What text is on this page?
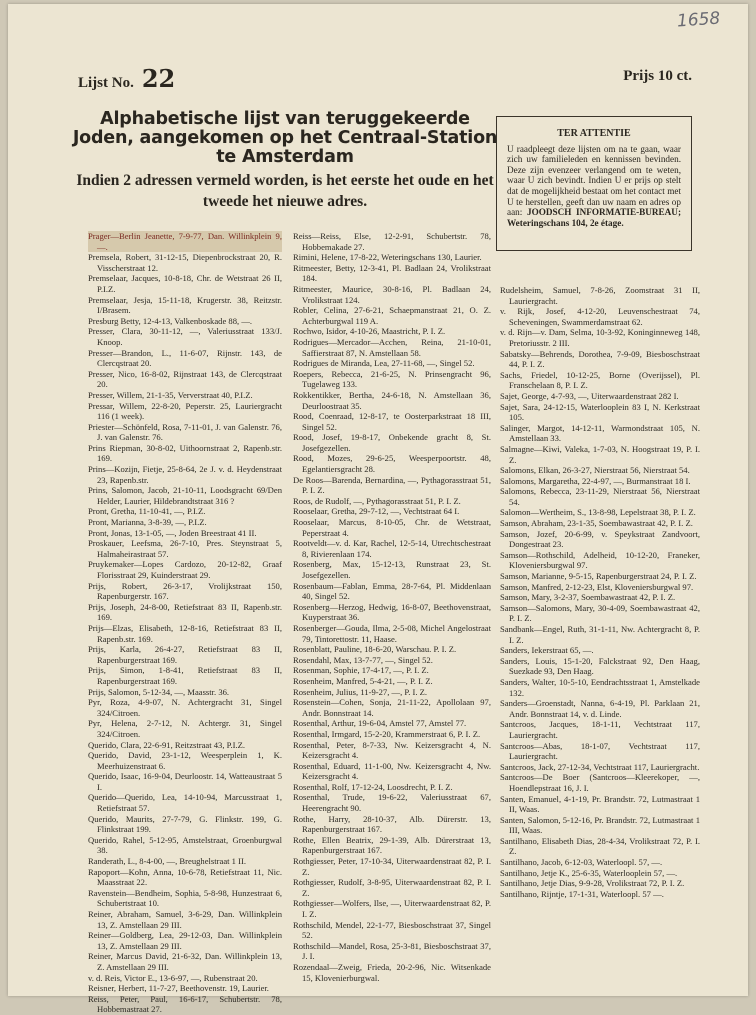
1658
Lijst No. 22	Prijs 10 ct.
Alphabetische lijst van teruggekeerde Joden, aangekomen op het Centraal-Station te Amsterdam
Indien 2 adressen vermeld worden, is het eerste het oude en het tweede het nieuwe adres.
TER ATTENTIE
U raadpleegt deze lijsten om na te gaan, waar zich uw familieleden en kennissen bevinden. Deze zijn evenzeer verlangend om te weten, waar U zich bevindt. Indien U er prijs op stelt dat de mogelijkheid bestaat om het contact met U te herstellen, geeft dan uw naam en adres op aan: JOODSCH INFORMATIE-BUREAU; Weteringschans 104, 2e étage.
Prager—Berlin Jeanette, 7-9-77, Dan. Willinkplein 9, —.
Premsela, Robert, 31-12-15, Diepenbrockstraat 20, R. Visscherstraat 12.
Premselaar, Jacques, 10-8-18, Chr. de Wetstraat 26 II, P.I.Z.
Premselaar, Jesja, 15-11-18, Krugerstr. 38, Reitzstr. I/Brasem.
Presburg Betty, 12-4-13, Valkenboskade 88, —.
Presser, Clara, 30-11-12, —, Valeriusstraat 133/J. Knoop.
Presser—Brandon, L., 11-6-07, Rijnstr. 143, de Clercqstraat 20.
Presser, Nico, 16-8-02, Rijnstraat 143, de Clercqstraat 20.
Presser, Willem, 21-1-35, Ververstraat 40, P.I.Z.
Pressar, Willem, 22-8-20, Peperstr. 25, Lauriergracht 116 (1 week).
Priester—Schönfeld, Rosa, 7-11-01, J. van Galenstr. 76, J. van Galenstr. 76.
Prins Riepman, 30-8-02, Uithoornstraat 2, Rapenb.str. 169.
Prins—Kozijn, Fietje, 25-8-64, 2e J. v. d. Heydenstraat 23, Rapenb.str.
Prins, Salomon, Jacob, 21-10-11, Loodsgracht 69/Den Helder, Laurier, Hildebrandtstraat 316 ?
Pront, Gretha, 11-10-41, —, P.I.Z.
Pront, Marianna, 3-8-39, —, P.I.Z.
Pront, Jonas, 13-1-05, —, Joden Breestraat 41 II.
Proskauer, Leefsma, 26-7-10, Pres. Steynstraat 5, Halmaheirastraat 57.
Pruykemaker—Lopes Cardozo, 20-12-82, Graaf Florisstraat 29, Kuinderstraat 29.
Prijs, Robert, 26-3-17, Vrolijkstraat 150, Rapenburgerstr. 167.
Prijs, Joseph, 24-8-00, Retiefstraat 83 II, Rapenb.str. 169.
Prijs—Elzas, Elisabeth, 12-8-16, Retiefstraat 83 II, Rapenb.str. 169.
Prijs, Karla, 26-4-27, Retiefstraat 83 II, Rapenburgerstraat 169.
Prijs, Simon, 1-8-41, Retiefstraat 83 II, Rapenburgerstraat 169.
Prijs, Salomon, 5-12-34, —, Maasstr. 36.
Pyr, Roza, 4-9-07, N. Achtergracht 31, Singel 324/Citroen.
Pyr, Helena, 2-7-12, N. Achtergr. 31, Singel 324/Citroen.
Querido, Clara, 22-6-91, Reitzstraat 43, P.I.Z.
Querido, David, 23-1-12, Weesperplein 1, K. Meerhuizenstraat 6.
Querido, Isaac, 16-9-04, Deurloostr. 14, Watteaustraat 5 I.
Querido—Querido, Lea, 14-10-94, Marcusstraat 1, Retiefstraat 57.
Querido, Maurits, 27-7-79, G. Flinkstr. 199, G. Flinkstraat 199.
Querido, Rahel, 5-12-95, Amstelstraat, Groenburgwal 38.
Randerath, L., 8-4-00, —, Breughelstraat 1 II.
Rapoport—Kohn, Anna, 10-6-78, Retiefstraat 11, Nic. Maasstraat 22.
Ravenstein—Bendheim, Sophia, 5-8-98, Hunzestraat 6, Schubertstraat 10.
Reiner, Abraham, Samuel, 3-6-29, Dan. Willinkplein 13, Z. Amstellaan 29 III.
Reiner—Goldberg, Lea, 29-12-03, Dan. Willinkplein 13, Z. Amstellaan 29 III.
Reiner, Marcus David, 21-6-32, Dan. Willinkplein 13, Z. Amstellaan 29 III.
v. d. Reis, Victor E., 13-6-97, —, Rubenstraat 20.
Reisner, Herbert, 11-7-27, Beethovenstr. 19, Laurier.
Reiss, Peter, Paul, 16-6-17, Schubertstr. 78, Hobbemastraat 27.
Reiss—Reiss, Else, 12-2-91, Schubertstr. 78, Hobbemakade 27.
Rimini, Helene, 17-8-22, Weteringschans 130, Laurier.
Ritmeester, Betty, 12-3-41, Pl. Badlaan 24, Vrolikstraat 184.
Ritmeester, Maurice, 30-8-16, Pl. Badlaan 24, Vrolikstraat 124.
Robler, Celina, 27-6-21, Schaepmanstraat 21, O. Z. Achterburgwal 119 A.
Rochwo, Isidor, 4-10-26, Maastricht, P. I. Z.
Rodrigues—Mercador—Acchen, Reina, 21-10-01, Saffierstraat 87, N. Amstellaan 58.
Rodrigues de Miranda, Lea, 27-11-68, —, Singel 52.
Roepers, Rebecca, 21-6-25, N. Prinsengracht 96, Tugelaweg 133.
Rokkentikker, Bertha, 24-6-18, N. Amstellaan 36, Deurloostraat 35.
Rood, Coenraad, 12-8-17, te Oosterparkstraat 18 III, Singel 52.
Rood, Josef, 19-8-17, Onbekende gracht 8, St. Josefgezellen.
Rood, Mozes, 29-6-25, Weesperpoortstr. 48, Egelantiersgracht 28.
De Roos—Barenda, Bernardina, —, Pythagorasstraat 51, P. I. Z.
Roos, de Rudolf, —, Pythagorasstraat 51, P. I. Z.
Rooselaar, Gretha, 29-7-12, —, Vechtstraat 64 I.
Rooselaar, Marcus, 8-10-05, Chr. de Wetstraat, Peperstraat 4.
Rootveldt—v. d. Kar, Rachel, 12-5-14, Utrechtschestraat 8, Rivierenlaan 174.
Rosenberg, Max, 15-12-13, Runstraat 23, St. Josefgezellen.
Rosenbaum—Fablan, Emma, 28-7-64, Pl. Middenlaan 40, Singel 52.
Rosenberg—Herzog, Hedwig, 16-8-07, Beethovenstraat, Kuyperstraat 36.
Rosenberger—Gouda, Ilma, 2-5-08, Michel Angelostraat 79, Tintorettostr. 11, Haase.
Rosenblatt, Pauline, 18-6-20, Warschau. P. I. Z.
Rosendahl, Max, 13-7-77, —, Singel 52.
Rosenman, Sophie, 17-4-17, —, P. I. Z.
Rosenheim, Manfred, 5-4-21, —, P. I. Z.
Rosenheim, Julius, 11-9-27, —, P. I. Z.
Rosenstein—Cohen, Sonja, 21-11-22, Apollolaan 97, Andr. Bonnstraat 14.
Rosenthal, Arthur, 19-6-04, Amstel 77, Amstel 77.
Rosenthal, Irmgard, 15-2-20, Krammerstraat 6, P. I. Z.
Rosenthal, Peter, 8-7-33, Nw. Keizersgracht 4, N. Keizersgracht 4.
Rosenthal, Eduard, 11-1-00, Nw. Keizersgracht 4, Nw. Keizersgracht 4.
Rosenthal, Rolf, 17-12-24, Loosdrecht, P. I. Z.
Rosenthal, Trude, 19-6-22, Valeriusstraat 67, Heerengracht 90.
Rothe, Harry, 28-10-37, Alb. Dürerstr. 13, Rapenburgerstraat 167.
Rothe, Ellen Beatrix, 29-1-39, Alb. Dürerstraat 13, Rapenburgerstraat 167.
Rothgiesser, Peter, 17-10-34, Uiterwaardenstraat 82, P. I. Z.
Rothgiesser, Rudolf, 3-8-95, Uiterwaardenstraat 82, P. I. Z.
Rothgiesser—Wolfers, Ilse, —, Uiterwaardenstraat 82, P. I. Z.
Rothschild, Mendel, 22-1-77, Biesboschstraat 37, Singel 52.
Rothschild—Mandel, Rosa, 25-3-81, Biesboschstraat 37, J. I.
Rozendaal—Zweig, Frieda, 20-2-96, Nic. Witsenkade 15, Klovenierburgwal.
Rudelsheim, Samuel, 7-8-26, Zoomstraat 31 II, Lauriergracht.
v. Rijk, Josef, 4-12-20, Leuvenschestraat 74, Scheveningen, Swammerdamstraat 62.
v. d. Rijn—v. Dam, Selma, 10-3-92, Koninginneweg 148, Pretoriusstr. 2 III.
Sabatsky—Behrends, Dorothea, 7-9-09, Biesboschstraat 44, P. I. Z.
Sachs, Friedel, 10-12-25, Borne (Overijssel), Pl. Franschelaan 8, P. I. Z.
Sajet, George, 4-7-93, —, Uiterwaardenstraat 282 I.
Sajet, Sara, 24-12-15, Waterlooplein 83 I, N. Kerkstraat 105.
Salinger, Margot, 14-12-11, Warmondstraat 105, N. Amstellaan 33.
Salmagne—Kiwi, Valeka, 1-7-03, N. Hoogstraat 19, P. I. Z.
Salomons, Elkan, 26-3-27, Nierstraat 56, Nierstraat 54.
Salomons, Margaretha, 22-4-97, —, Burmanstraat 18 I.
Salomons, Rebecca, 23-11-29, Nierstraat 56, Nierstraat 54.
Salomon—Wertheim, S., 13-8-98, Lepelstraat 38, P. I. Z.
Samson, Abraham, 23-1-35, Soembawastraat 42, P. I. Z.
Samson, Jozef, 20-6-99, v. Speykstraat Zandvoort, Dongestraat 23.
Samson—Rothschild, Adelheid, 10-12-20, Franeker, Kloveniersburgwal 97.
Samson, Marianne, 9-5-15, Rapenburgerstraat 24, P. I. Z.
Samson, Manfred, 2-12-23, Elst, Kloveniersburgwal 97.
Samson, Mary, 3-2-37, Soembawastraat 42, P. I. Z.
Samson—Salomons, Mary, 30-4-09, Soembawastraat 42, P. I. Z.
Sandbank—Engel, Ruth, 31-1-11, Nw. Achtergracht 8, P. I. Z.
Sanders, Iekerstraat 65, —.
Sanders, Louis, 15-1-20, Falckstraat 92, Den Haag, Suezkade 93, Den Haag.
Sanders, Walter, 10-5-10, Eendrachtsstraat 1, Amstelkade 132.
Sanders—Groenstadt, Nanna, 6-4-19, Pl. Parklaan 21, Andr. Bonnstraat 14, v. d. Linde.
Santcroos, Jacques, 18-1-11, Vechtstraat 117, Lauriergracht.
Santcroos—Abas, 18-1-07, Vechtstraat 117, Lauriergracht.
Santcroos, Jack, 27-12-34, Vechtstraat 117, Lauriergracht.
Santcroos—De Boer (Santcroos—Kleerekoper, —, Hoendlepstraat 16, J. I.
Santen, Emanuel, 4-1-19, Pr. Brandstr. 72, Lutmastraat 1 II, Waas.
Santen, Salomon, 5-12-16, Pr. Brandstr. 72, Lutmastraat 1 III, Waas.
Santilhano, Elisabeth Dias, 28-4-34, Vrolikstraat 72, P. I. Z.
Santilhano, Jacob, 6-12-03, Waterloopl. 57, —.
Santilhano, Jetje K., 25-6-35, Waterlooplein 57, —.
Santilhano, Jetje Dias, 9-9-28, Vrolikstraat 72, P. I. Z.
Santilhano, Rijntje, 17-1-31, Waterloopl. 57 —.
